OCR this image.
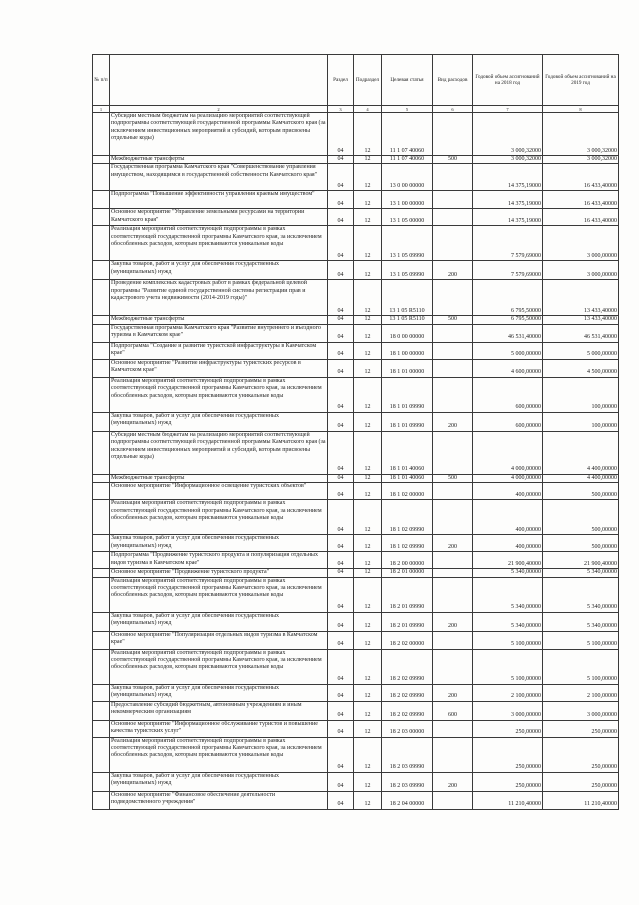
№ п/п		Раздел	Подраздел	Целевая статья	Вид расходов	Годовой объем ассигнований на 2018 год	Годовой объем ассигнований на 2019 год
1	2	3	4	5	6	7	8
	Субсидии местным бюджетам на реализацию мероприятий соответствующей подпрограммы соответствующей государственной программы Камчатского края (за исключением инвестиционных мероприятий и субсидий, которым присвоены отдельные коды)	04	12	11 1 07 40060		3 000,32000	3 000,32000
	Межбюджетные трансферты	04	12	11 1 07 40060	500	3 000,32000	3 000,32000
	Государственная программа Камчатского края "Совершенствование управления имуществом, находящимся в государственной собственности Камчатского края"	04	12	13 0 00 00000		14 375,19000	16 433,40000
	Подпрограмма "Повышение эффективности управления краевым имуществом"	04	12	13 1 00 00000		14 375,19000	16 433,40000
	Основное мероприятие "Управление земельными ресурсами на территории Камчатского края"	04	12	13 1 05 00000		14 375,19000	16 433,40000
	Реализация мероприятий соответствующей подпрограммы в рамках соответствующей государственной программы Камчатского края, за исключением обособленных расходов, которым присваиваются уникальные коды	04	12	13 1 05 09990		7 579,69000	3 000,00000
	Закупка товаров, работ и услуг для обеспечения государственных (муниципальных) нужд	04	12	13 1 05 09990	200	7 579,69000	3 000,00000
	Проведение комплексных кадастровых работ в рамках федеральной целевой программы "Развитие единой государственной системы регистрации прав и кадастрового учета недвижимости (2014-2019 годы)"	04	12	13 1 05 R5110		6 795,50000	13 433,40000
	Межбюджетные трансферты	04	12	13 1 05 R5110	500	6 795,50000	13 433,40000
	Государственная программа Камчатского края "Развитие внутреннего и въездного туризма в Камчатском крае"	04	12	18 0 00 00000		46 531,40000	46 531,40000
	Подпрограмма "Создание и развитие туристской инфраструктуры в Камчатском крае"	04	12	18 1 00 00000		5 000,00000	5 000,00000
	Основное мероприятие "Развитие инфраструктуры туристских ресурсов в Камчатском крае"	04	12	18 1 01 00000		4 600,00000	4 500,00000
	Реализация мероприятий соответствующей подпрограммы в рамках соответствующей государственной программы Камчатского края, за исключением обособленных расходов, которым присваиваются уникальные коды	04	12	18 1 01 09990		600,00000	100,00000
	Закупка товаров, работ и услуг для обеспечения государственных (муниципальных) нужд	04	12	18 1 01 09990	200	600,00000	100,00000
	Субсидии местным бюджетам на реализацию мероприятий соответствующей подпрограммы соответствующей государственной программы Камчатского края (за исключением инвестиционных мероприятий и субсидий, которым присвоены отдельные коды)	04	12	18 1 01 40060		4 000,00000	4 400,00000
	Межбюджетные трансферты	04	12	18 1 01 40060	500	4 000,00000	4 400,00000
	Основное мероприятие "Информационное освещение туристских объектов"	04	12	18 1 02 00000		400,00000	500,00000
	Реализация мероприятий соответствующей подпрограммы в рамках соответствующей государственной программы Камчатского края, за исключением обособленных расходов, которым присваиваются уникальные коды	04	12	18 1 02 09990		400,00000	500,00000
	Закупка товаров, работ и услуг для обеспечения государственных (муниципальных) нужд	04	12	18 1 02 09990	200	400,00000	500,00000
	Подпрограмма "Продвижение туристского продукта и популяризация отдельных видов туризма в Камчатском крае"	04	12	18 2 00 00000		21 900,40000	21 900,40000
	Основное мероприятие "Продвижение туристского продукта"	04	12	18 2 01 00000		5 340,00000	5 340,00000
	Реализация мероприятий соответствующей подпрограммы в рамках соответствующей государственной программы Камчатского края, за исключением обособленных расходов, которым присваиваются уникальные коды	04	12	18 2 01 09990		5 340,00000	5 340,00000
	Закупка товаров, работ и услуг для обеспечения государственных (муниципальных) нужд	04	12	18 2 01 09990	200	5 340,00000	5 340,00000
	Основное мероприятие "Популяризация отдельных видов туризма в Камчатском крае"	04	12	18 2 02 00000		5 100,00000	5 100,00000
	Реализация мероприятий соответствующей подпрограммы в рамках соответствующей государственной программы Камчатского края, за исключением обособленных расходов, которым присваиваются уникальные коды	04	12	18 2 02 09990		5 100,00000	5 100,00000
	Закупка товаров, работ и услуг для обеспечения государственных (муниципальных) нужд	04	12	18 2 02 09990	200	2 100,00000	2 100,00000
	Предоставление субсидий бюджетным, автономным учреждениям и иным некоммерческим организациям	04	12	18 2 02 09990	600	3 000,00000	3 000,00000
	Основное мероприятие "Информационное обслуживание туристов и повышение качества туристских услуг"	04	12	18 2 03 00000		250,00000	250,00000
	Реализация мероприятий соответствующей подпрограммы в рамках соответствующей государственной программы Камчатского края, за исключением обособленных расходов, которым присваиваются уникальные коды	04	12	18 2 03 09990		250,00000	250,00000
	Закупка товаров, работ и услуг для обеспечения государственных (муниципальных) нужд	04	12	18 2 03 09990	200	250,00000	250,00000
	Основное мероприятие "Финансовое обеспечение деятельности подведомственного учреждения"	04	12	18 2 04 00000		11 210,40000	11 210,40000
